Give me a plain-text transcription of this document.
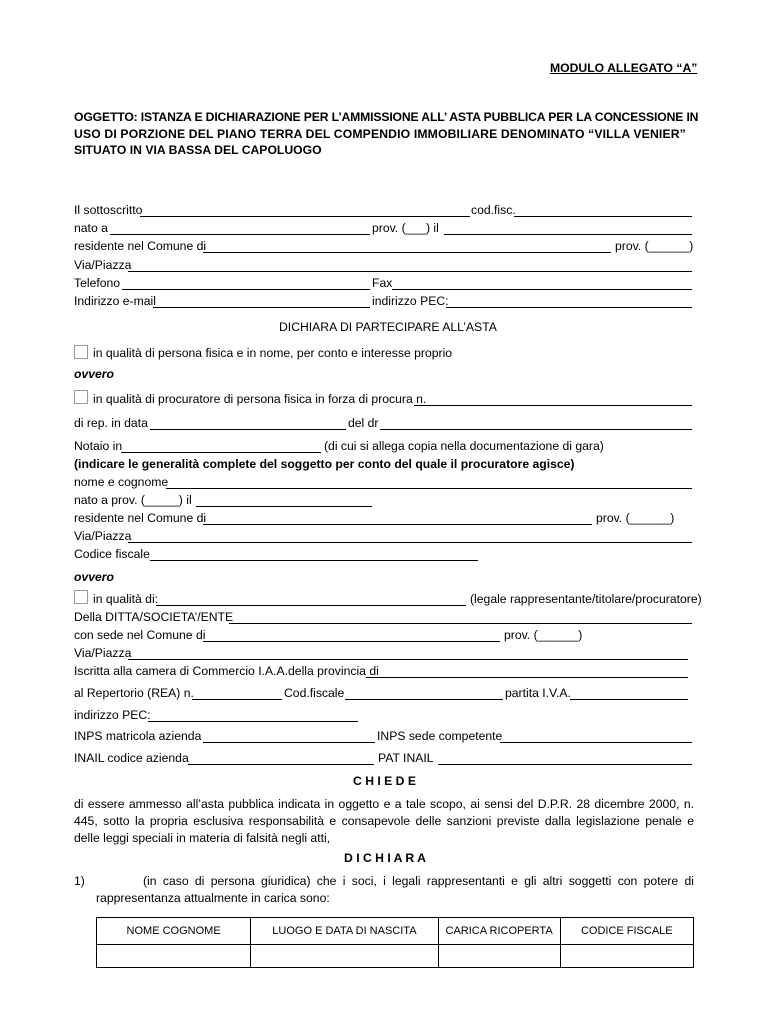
MODULO ALLEGATO “A”
OGGETTO: ISTANZA E DICHIARAZIONE PER L’AMMISSIONE ALL’ ASTA PUBBLICA PER LA CONCESSIONE IN
USO DI PORZIONE DEL PIANO TERRA DEL COMPENDIO IMMOBILIARE DENOMINATO “VILLA VENIER”
SITUATO IN VIA BASSA DEL CAPOLUOGO
Il sottoscritto	cod.fisc.
nato a	prov. (___) il
residente nel Comune di	prov. (______)
Via/Piazza
Telefono	Fax
Indirizzo e-mail	indirizzo PEC:
DICHIARA DI PARTECIPARE ALL’ASTA
in qualità di persona fisica e in nome, per conto e interesse proprio
ovvero
in qualità di procuratore di persona fisica in forza di procura n.
di rep. in data	del dr
Notaio in	(di cui si allega copia nella documentazione di gara)
(indicare le generalità complete del soggetto per conto del quale il procuratore agisce)
nome e cognome
nato a prov. (_____) il
residente nel Comune di	prov. (______)
Via/Piazza
Codice fiscale
ovvero
in qualità di:	(legale rappresentante/titolare/procuratore)
Della DITTA/SOCIETA’/ENTE
con sede nel Comune di	prov. (______)
Via/Piazza
Iscritta alla camera di Commercio I.A.A.della provincia di
al Repertorio (REA) n.	Cod.fiscale	partita I.V.A.
indirizzo PEC:
INPS matricola azienda	INPS sede competente
INAIL codice azienda	PAT INAIL
C H I E D E
di essere ammesso all’asta pubblica indicata in oggetto e a tale scopo, ai sensi del D.P.R. 28 dicembre 2000, n. 445, sotto la propria esclusiva responsabilità e consapevole delle sanzioni previste dalla legislazione penale e delle leggi speciali in materia di falsità negli atti,
D I C H I A R A
1)	(in caso di persona giuridica) che i soci, i legali rappresentanti e gli altri soggetti con potere di
rappresentanza attualmente in carica sono:
NOME COGNOME	LUOGO E DATA DI NASCITA	CARICA RICOPERTA	CODICE FISCALE
